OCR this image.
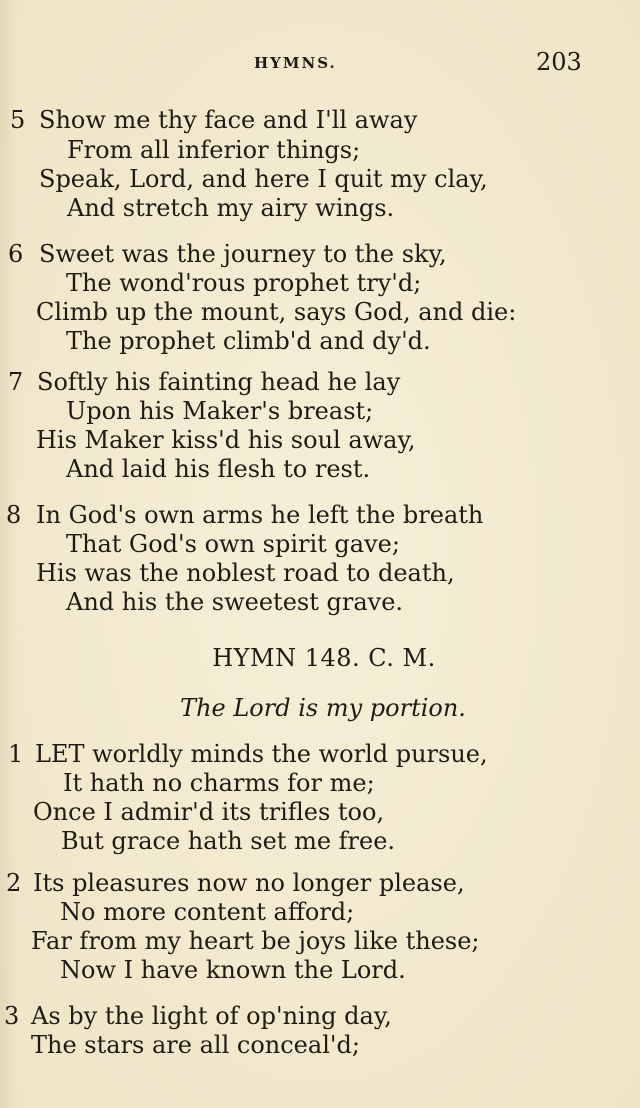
HYMNS.	203
5 Show me thy face and I'll away
From all inferior things;
Speak, Lord, and here I quit my clay,
And stretch my airy wings.
6 Sweet was the journey to the sky,
The wond'rous prophet try'd;
Climb up the mount, says God, and die:
The prophet climb'd and dy'd.
7 Softly his fainting head he lay
Upon his Maker's breast;
His Maker kiss'd his soul away,
And laid his flesh to rest.
8 In God's own arms he left the breath
That God's own spirit gave;
His was the noblest road to death,
And his the sweetest grave.
HYMN 148. C. M.
The Lord is my portion.
1 LET worldly minds the world pursue,
It hath no charms for me;
Once I admir'd its trifles too,
But grace hath set me free.
2 Its pleasures now no longer please,
No more content afford;
Far from my heart be joys like these;
Now I have known the Lord.
3 As by the light of op'ning day,
The stars are all conceal'd;
